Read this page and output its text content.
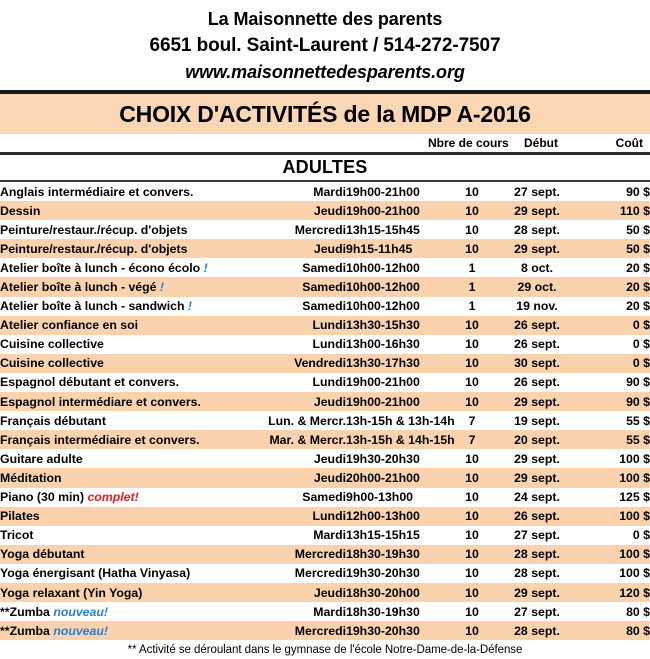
La Maisonnette des parents
6651 boul. Saint-Laurent / 514-272-7507
www.maisonnettedesparents.org
CHOIX D'ACTIVITÉS de la MDP A-2016
Nbre de cours Début	Coût
ADULTES
Anglais intermédiaire et convers.	Mardi	19h00-21h00	10	27 sept.	90 $
Dessin	Jeudi	19h00-21h00	10	29 sept.	110 $
Peinture/restaur./récup. d'objets	Mercredi	13h15-15h45	10	28 sept.	50 $
Peinture/restaur./récup. d'objets	Jeudi	9h15-11h45	10	29 sept.	50 $
Atelier boîte à lunch - écono écolo !	Samedi	10h00-12h00	1	8 oct.	20 $
Atelier boîte à lunch - végé !	Samedi	10h00-12h00	1	29 oct.	20 $
Atelier boîte à lunch - sandwich !	Samedi	10h00-12h00	1	19 nov.	20 $
Atelier confiance en soi	Lundi	13h30-15h30	10	26 sept.	0 $
Cuisine collective	Lundi	13h00-16h30	10	26 sept.	0 $
Cuisine collective	Vendredi	13h30-17h30	10	30 sept.	0 $
Espagnol débutant et convers.	Lundi	19h00-21h00	10	26 sept.	90 $
Espagnol intermédiare et convers.	Jeudi	19h00-21h00	10	29 sept.	90 $
Français débutant	Lun. & Mercr.	13h-15h & 13h-14h	7	19 sept.	55 $
Français intermédiaire et convers.	Mar. & Mercr.	13h-15h & 14h-15h	7	20 sept.	55 $
Guitare adulte	Jeudi	19h30-20h30	10	29 sept.	100 $
Méditation	Jeudi	20h00-21h00	10	29 sept.	100 $
Piano (30 min) complet!	Samedi	9h00-13h00	10	24 sept.	125 $
Pilates	Lundi	12h00-13h00	10	26 sept.	100 $
Tricot	Mardi	13h15-15h15	10	27 sept.	0 $
Yoga débutant	Mercredi	18h30-19h30	10	28 sept.	100 $
Yoga énergisant (Hatha Vinyasa)	Mercredi	19h30-20h30	10	28 sept.	100 $
Yoga relaxant (Yin Yoga)	Jeudi	18h30-20h00	10	29 sept.	120 $
**Zumba nouveau!	Mardi	18h30-19h30	10	27 sept.	80 $
**Zumba nouveau!	Mercredi	19h30-20h30	10	28 sept.	80 $
** Activité se déroulant dans le gymnase de l'école Notre-Dame-de-la-Défense
